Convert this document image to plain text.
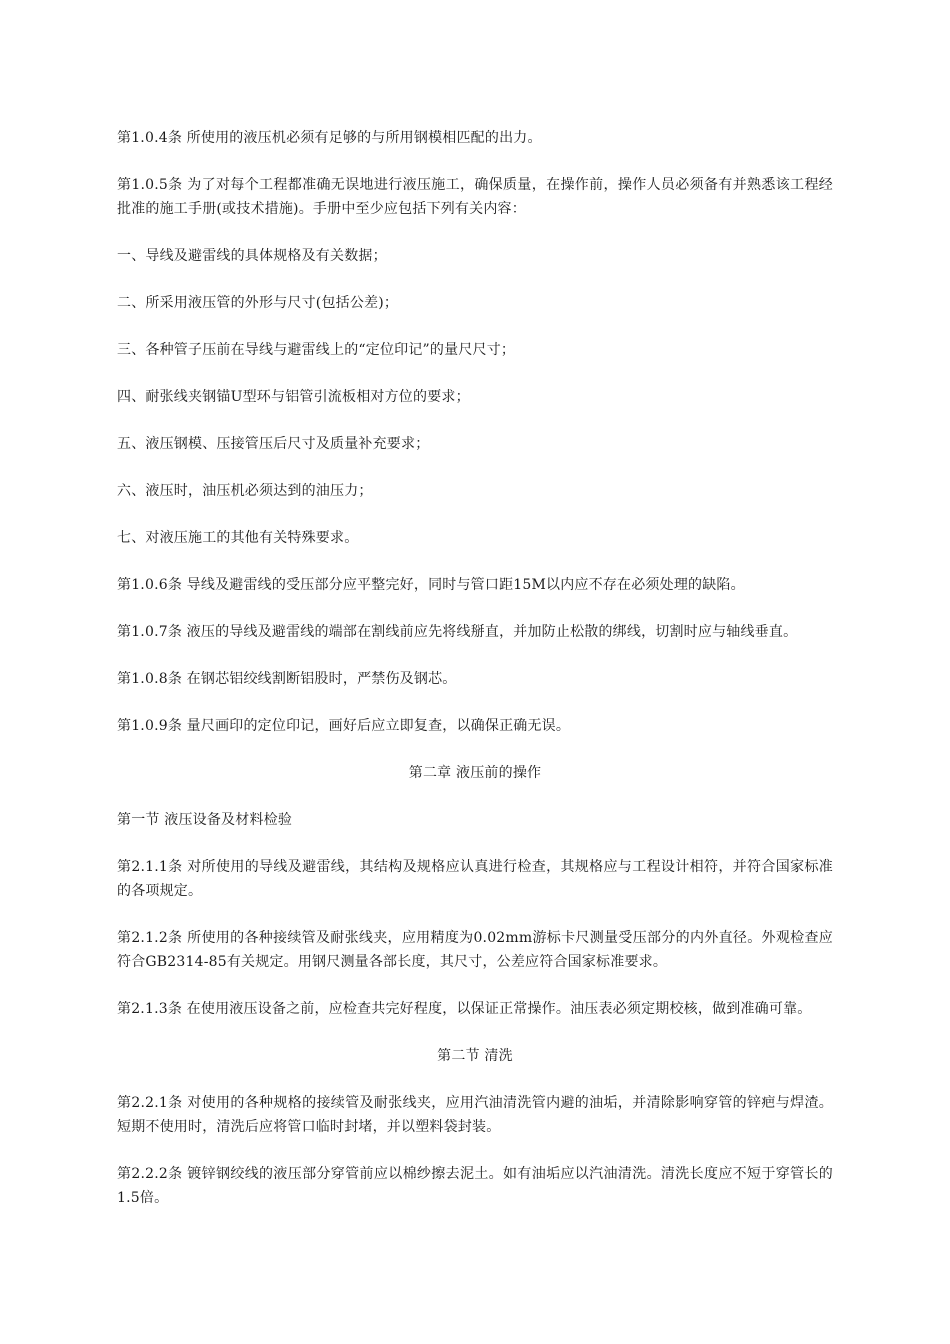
第1.0.4条 所使用的液压机必须有足够的与所用钢模相匹配的出力。

第1.0.5条 为了对每个工程都准确无误地进行液压施工，确保质量，在操作前，操作人员必须备有并熟悉该工程经批准的施工手册(或技术措施)。手册中至少应包括下列有关内容：

一、导线及避雷线的具体规格及有关数据；

二、所采用液压管的外形与尺寸(包括公差)；

三、各种管子压前在导线与避雷线上的“定位印记”的量尺尺寸；

四、耐张线夹钢锚U型环与铝管引流板相对方位的要求；

五、液压钢模、压接管压后尺寸及质量补充要求；

六、液压时，油压机必须达到的油压力；

七、对液压施工的其他有关特殊要求。

第1.0.6条 导线及避雷线的受压部分应平整完好，同时与管口距15M以内应不存在必须处理的缺陷。

第1.0.7条 液压的导线及避雷线的端部在割线前应先将线掰直，并加防止松散的绑线，切割时应与轴线垂直。

第1.0.8条 在钢芯铝绞线割断铝股时，严禁伤及钢芯。

第1.0.9条 量尺画印的定位印记，画好后应立即复查，以确保正确无误。

第二章 液压前的操作

第一节 液压设备及材料检验

第2.1.1条 对所使用的导线及避雷线，其结构及规格应认真进行检查，其规格应与工程设计相符，并符合国家标准的各项规定。

第2.1.2条 所使用的各种接续管及耐张线夹，应用精度为0.02mm游标卡尺测量受压部分的内外直径。外观检查应符合GB2314-85有关规定。用钢尺测量各部长度，其尺寸，公差应符合国家标准要求。

第2.1.3条 在使用液压设备之前，应检查共完好程度，以保证正常操作。油压表必须定期校核，做到准确可靠。

第二节 清洗

第2.2.1条 对使用的各种规格的接续管及耐张线夹，应用汽油清洗管内避的油垢，并清除影响穿管的锌疤与焊渣。短期不使用时，清洗后应将管口临时封堵，并以塑料袋封装。

第2.2.2条 镀锌钢绞线的液压部分穿管前应以棉纱擦去泥土。如有油垢应以汽油清洗。清洗长度应不短于穿管长的1.5倍。
